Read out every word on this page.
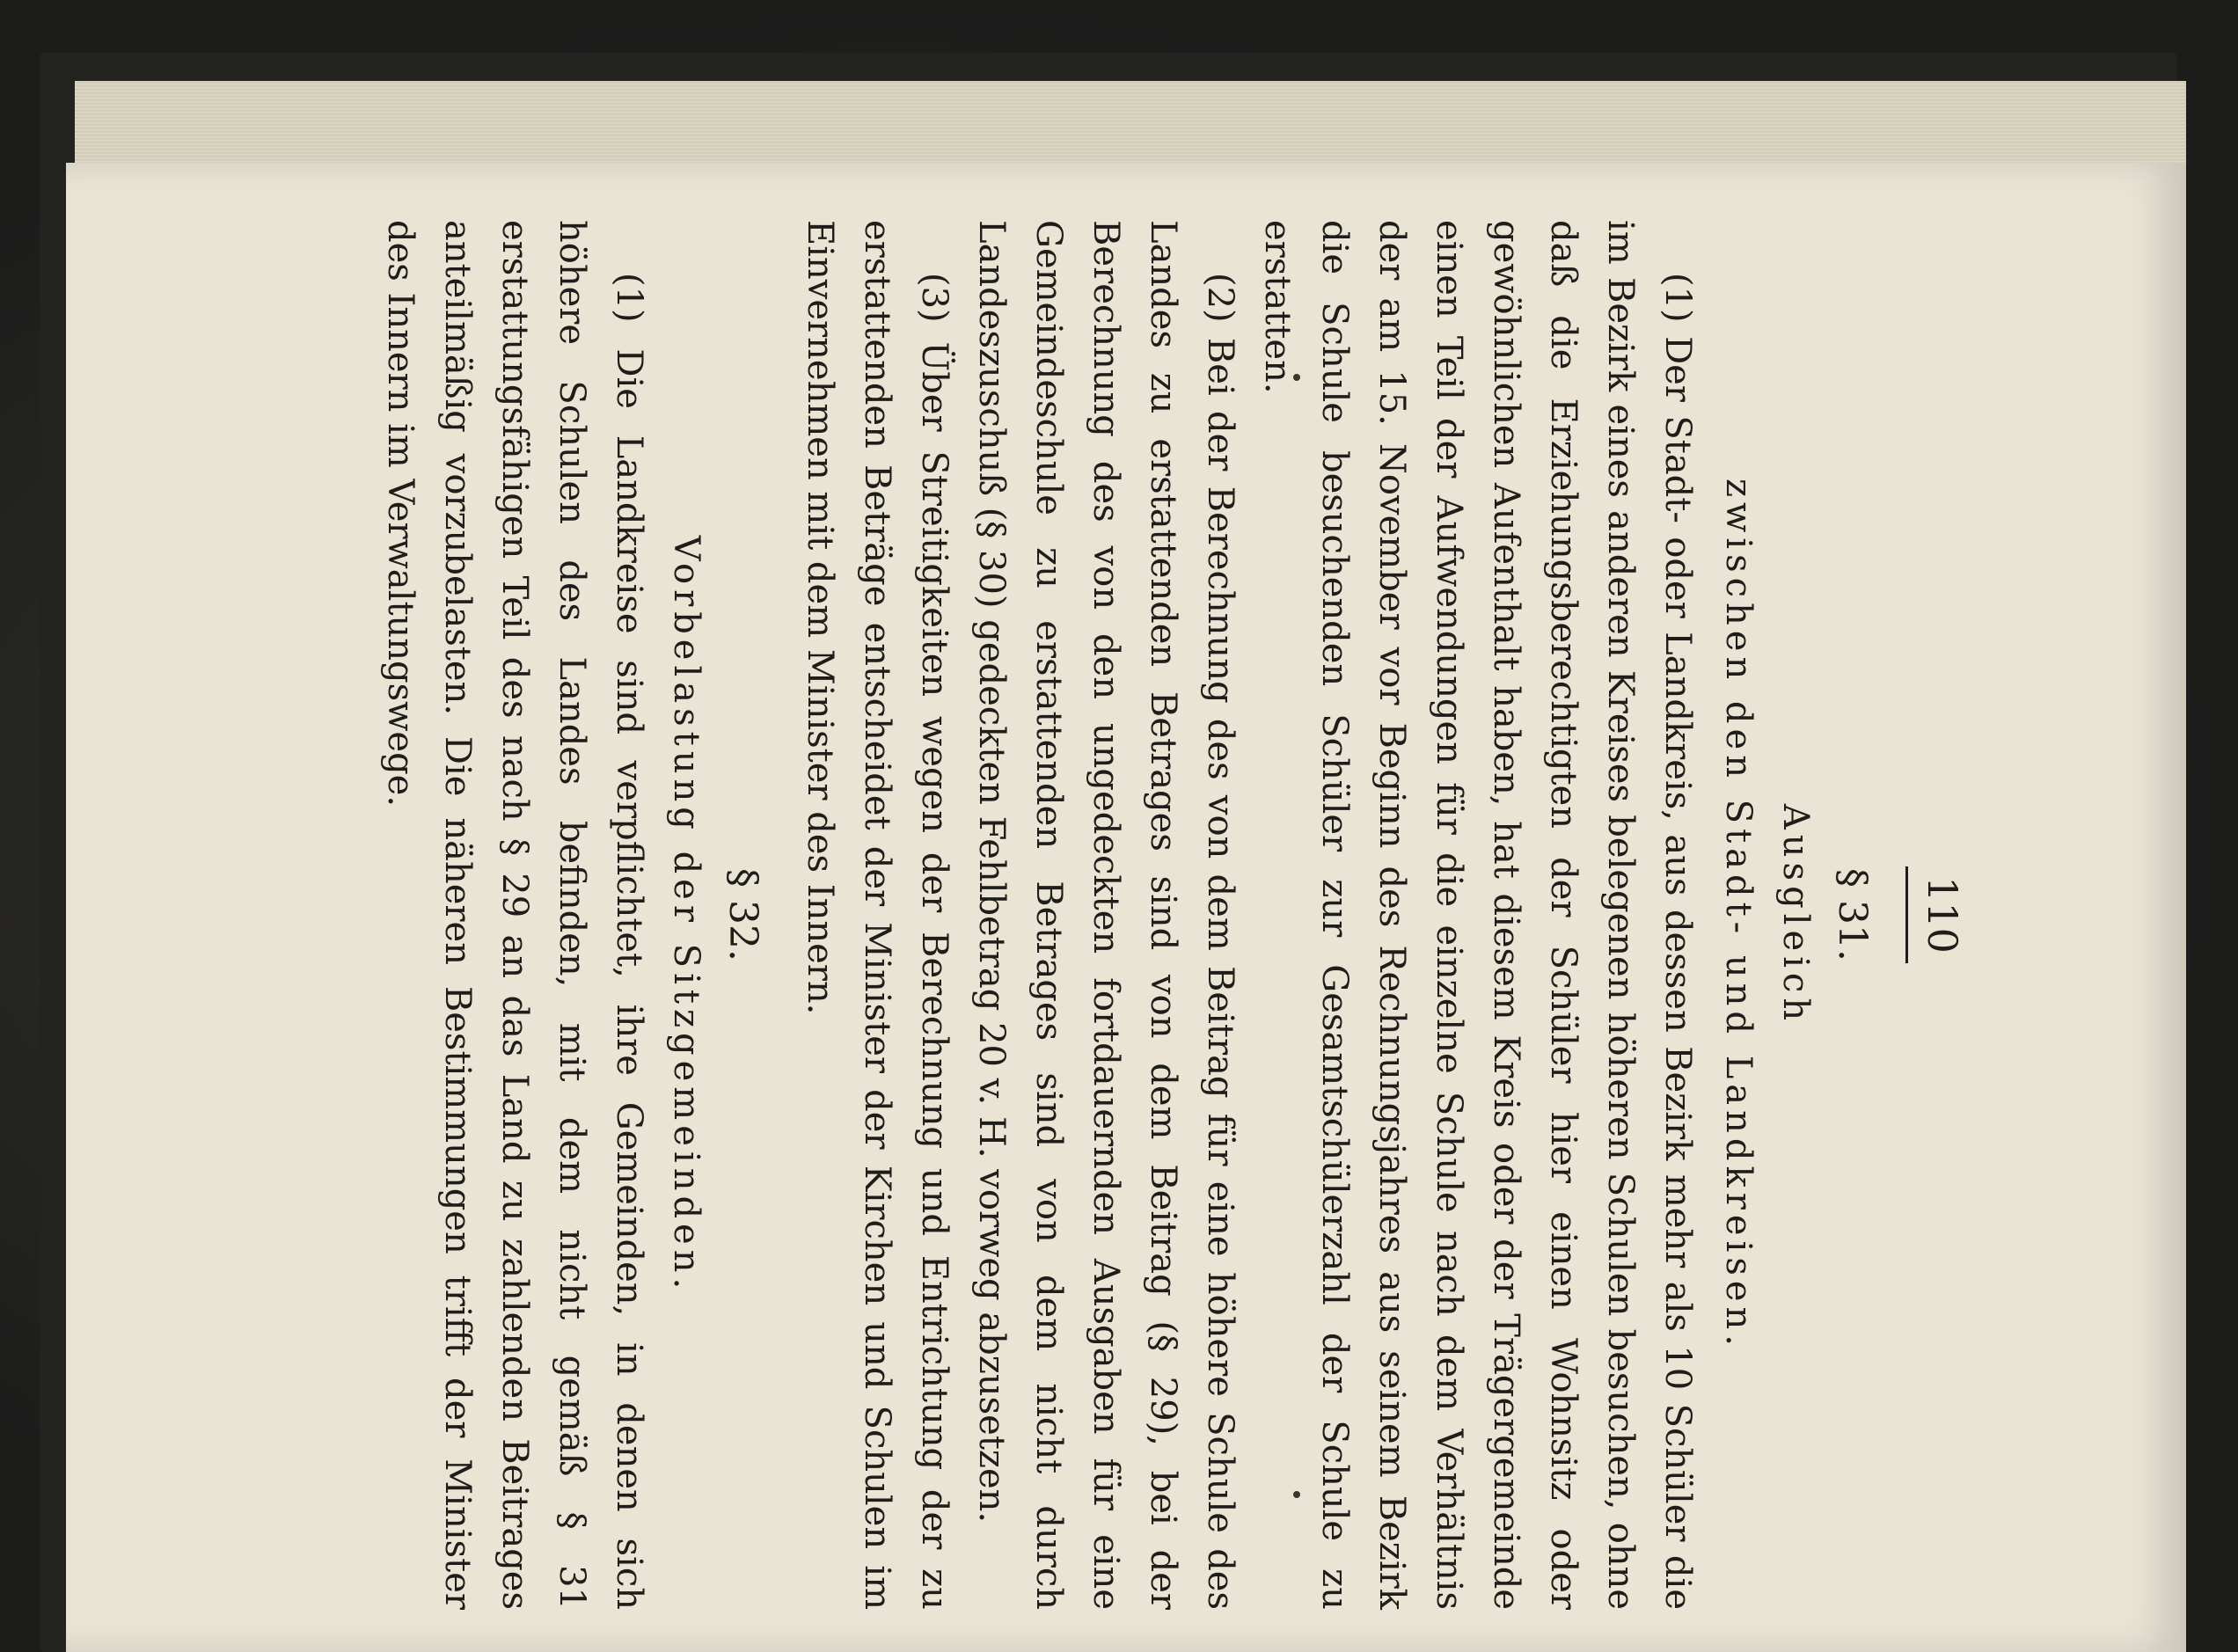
110
§ 31.
Ausgleich
zwischen den Stadt- und Landkreisen.

(1) Der Stadt- oder Landkreis, aus dessen Bezirk mehr als 10 Schüler die im Bezirk eines anderen Kreises belegenen höheren Schulen besuchen, ohne daß die Erziehungsberechtigten der Schüler hier einen Wohnsitz oder gewöhnlichen Aufenthalt haben, hat diesem Kreis oder der Trägergemeinde einen Teil der Aufwendungen für die einzelne Schule nach dem Verhältnis der am 15. November vor Beginn des Rechnungsjahres aus seinem Bezirk die Schule besuchenden Schüler zur Gesamtschülerzahl der Schule zu erstatten.

(2) Bei der Berechnung des von dem Beitrag für eine höhere Schule des Landes zu erstattenden Betrages sind von dem Beitrag (§ 29), bei der Berechnung des von den ungedeckten fortdauernden Ausgaben für eine Gemeindeschule zu erstattenden Betrages sind von dem nicht durch Landeszuschuß (§ 30) gedeckten Fehlbetrag 20 v. H. vorweg abzusetzen.

(3) Über Streitigkeiten wegen der Berechnung und Entrichtung der zu erstattenden Beträge entscheidet der Minister der Kirchen und Schulen im Einvernehmen mit dem Minister des Innern.

§ 32.
Vorbelastung der Sitzgemeinden.

(1) Die Landkreise sind verpflichtet, ihre Gemeinden, in denen sich höhere Schulen des Landes befinden, mit dem nicht gemäß § 31 erstattungsfähigen Teil des nach § 29 an das Land zu zahlenden Beitrages anteilmäßig vorzubelasten. Die näheren Bestimmungen trifft der Minister des Innern im Verwaltungswege.
